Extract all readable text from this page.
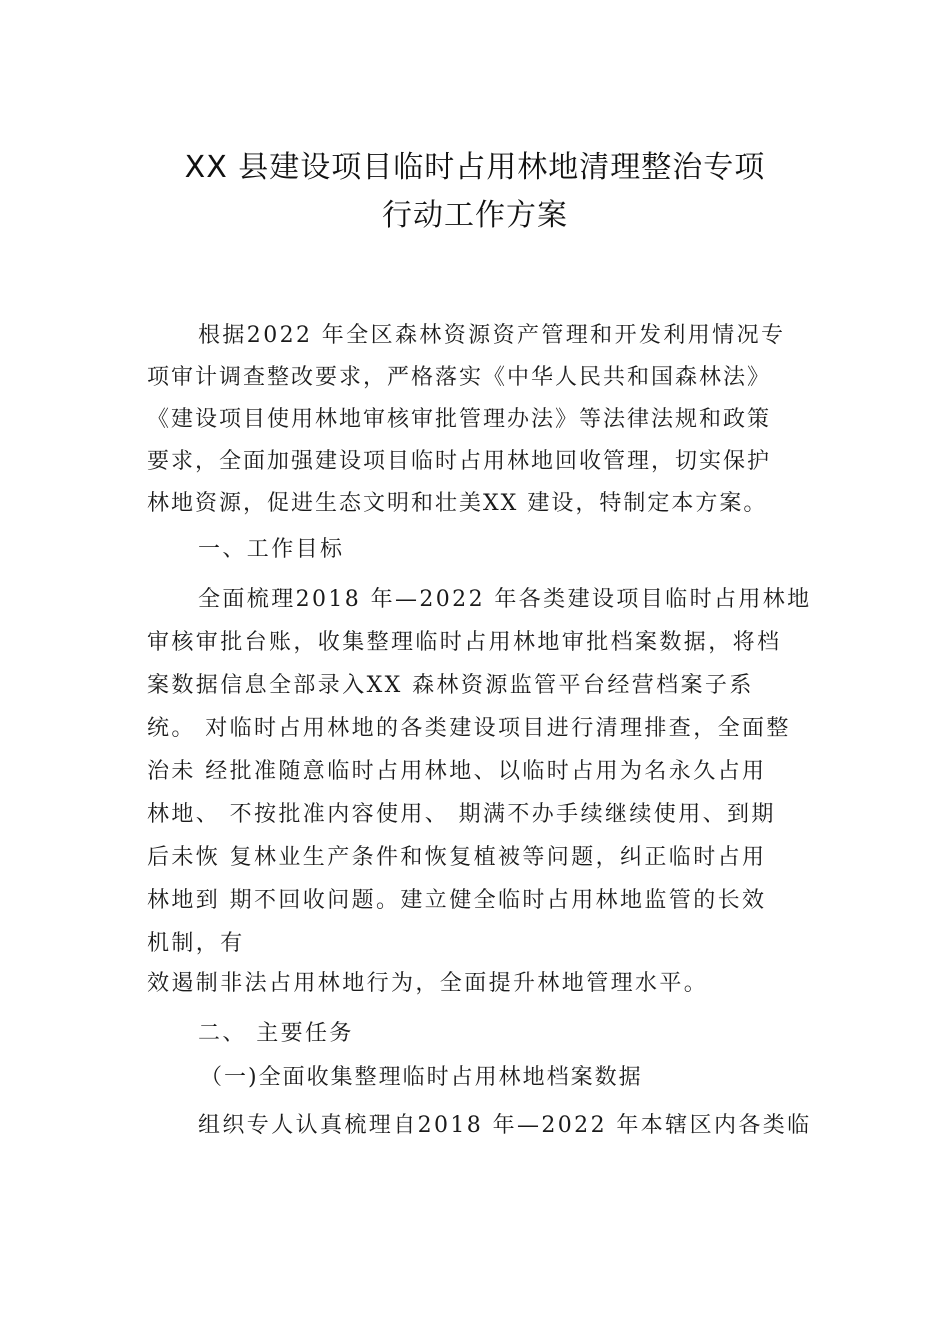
XX 县建设项目临时占用林地清理整治专项
行动工作方案
根据2022 年全区森林资源资产管理和开发利用情况专
项审计调查整改要求，严格落实《中华人民共和国森林法》
《建设项目使用林地审核审批管理办法》等法律法规和政策
要求，全面加强建设项目临时占用林地回收管理，切实保护
林地资源，促进生态文明和壮美XX 建设，特制定本方案。
一、工作目标
全面梳理2018 年—2022 年各类建设项目临时占用林地
审核审批台账，收集整理临时占用林地审批档案数据，将档
案数据信息全部录入XX 森林资源监管平台经营档案子系
统。 对临时占用林地的各类建设项目进行清理排查，全面整
治未 经批准随意临时占用林地、以临时占用为名永久占用
林地、 不按批准内容使用、 期满不办手续继续使用、到期
后未恢 复林业生产条件和恢复植被等问题，纠正临时占用
林地到 期不回收问题。建立健全临时占用林地监管的长效
机制，有
效遏制非法占用林地行为，全面提升林地管理水平。
二、 主要任务
（一)全面收集整理临时占用林地档案数据
组织专人认真梳理自2018 年—2022 年本辖区内各类临
